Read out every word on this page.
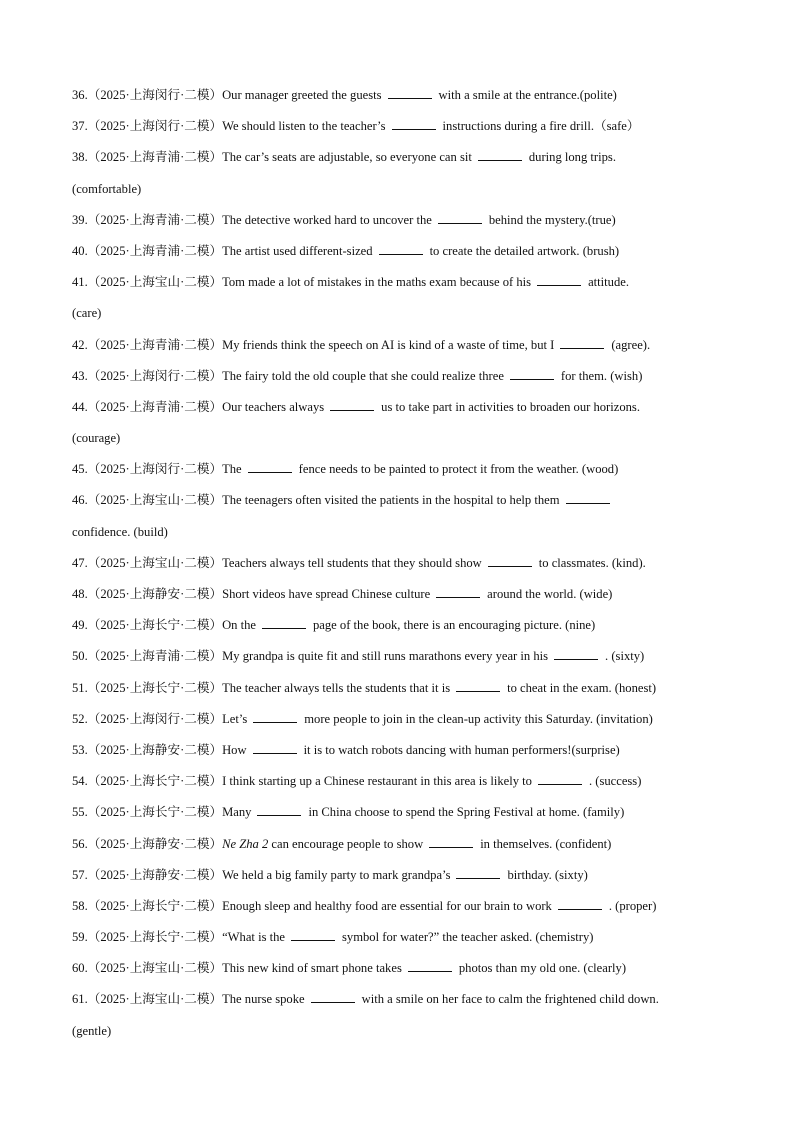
36.（2025·上海闵行·二模）Our manager greeted the guests	with a smile at the entrance.(polite)
37.（2025·上海闵行·二模）We should listen to the teacher’s	instructions during a fire drill.（safe）
38.（2025·上海青浦·二模）The car’s seats are adjustable, so everyone can sit	during long trips.
(comfortable)
39.（2025·上海青浦·二模）The detective worked hard to uncover the	behind the mystery.(true)
40.（2025·上海青浦·二模）The artist used different-sized	to create the detailed artwork. (brush)
41.（2025·上海宝山·二模）Tom made a lot of mistakes in the maths exam because of his	attitude.
(care)
42.（2025·上海青浦·二模）My friends think the speech on AI is kind of a waste of time, but I	(agree).
43.（2025·上海闵行·二模）The fairy told the old couple that she could realize three	for them. (wish)
44.（2025·上海青浦·二模）Our teachers always	us to take part in activities to broaden our horizons.
(courage)
45.（2025·上海闵行·二模）The	fence needs to be painted to protect it from the weather. (wood)
46.（2025·上海宝山·二模）The teenagers often visited the patients in the hospital to help them
confidence. (build)
47.（2025·上海宝山·二模）Teachers always tell students that they should show	to classmates. (kind).
48.（2025·上海静安·二模）Short videos have spread Chinese culture	around the world. (wide)
49.（2025·上海长宁·二模）On the	page of the book, there is an encouraging picture. (nine)
50.（2025·上海青浦·二模）My grandpa is quite fit and still runs marathons every year in his	. (sixty)
51.（2025·上海长宁·二模）The teacher always tells the students that it is	to cheat in the exam. (honest)
52.（2025·上海闵行·二模）Let’s	more people to join in the clean-up activity this Saturday. (invitation)
53.（2025·上海静安·二模）How	it is to watch robots dancing with human performers!(surprise)
54.（2025·上海长宁·二模）I think starting up a Chinese restaurant in this area is likely to	. (success)
55.（2025·上海长宁·二模）Many	in China choose to spend the Spring Festival at home. (family)
56.（2025·上海静安·二模）Ne Zha 2 can encourage people to show	in themselves. (confident)
57.（2025·上海静安·二模）We held a big family party to mark grandpa’s	birthday. (sixty)
58.（2025·上海长宁·二模）Enough sleep and healthy food are essential for our brain to work	. (proper)
59.（2025·上海长宁·二模）“What is the	symbol for water?” the teacher asked. (chemistry)
60.（2025·上海宝山·二模）This new kind of smart phone takes	photos than my old one. (clearly)
61.（2025·上海宝山·二模）The nurse spoke	with a smile on her face to calm the frightened child down.
(gentle)
